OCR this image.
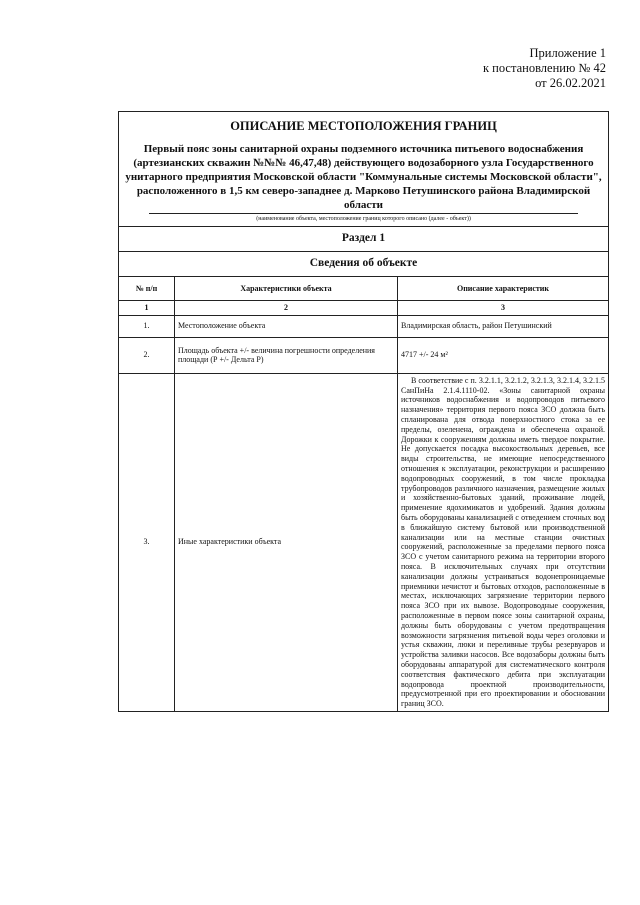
Приложение 1
к постановлению № 42
от 26.02.2021
ОПИСАНИЕ МЕСТОПОЛОЖЕНИЯ ГРАНИЦ
Первый пояс зоны санитарной охраны подземного источника питьевого водоснабжения (артезианских скважин №№№ 46,47,48) действующего водозаборного узла Государственного унитарного предприятия Московской области "Коммунальные системы Московской области", расположенного в 1,5 км северо-западнее д. Марково Петушинского района Владимирской области
(наименование объекта, местоположение границ которого описано (далее - объект))		

Раздел 1		
Сведения об объекте		
№ п/п	Характеристики объекта	Описание характеристик
1	2	3
1.	Местоположение объекта	Владимирская область, район Петушинский
2.	Площадь объекта +/- величина погрешности определения площади (Р +/- Дельта Р)	4717 +/- 24 м²
3.	Иные характеристики объекта	В соответствие с п. 3.2.1.1, 3.2.1.2, 3.2.1.3, 3.2.1.4, 3.2.1.5 СанПиНа 2.1.4.1110-02. «Зоны санитарной охраны источников водоснабжения и водопроводов питьевого назначения» территория первого пояса ЗСО должна быть спланирована для отвода поверхностного стока за ее пределы, озеленена, ограждена и обеспечена охраной. Дорожки к сооружениям должны иметь твердое покрытие. Не допускается посадка высокоствольных деревьев, все виды строительства, не имеющие непосредственного отношения к эксплуатации, реконструкции и расширению водопроводных сооружений, в том числе прокладка трубопроводов различного назначения, размещение жилых и хозяйственно-бытовых зданий, проживание людей, применение ядохимикатов и удобрений. Здания должны быть оборудованы канализацией с отведением сточных вод в ближайшую систему бытовой или производственной канализации или на местные станции очистных сооружений, расположенные за пределами первого пояса ЗСО с учетом санитарного режима на территории второго пояса. В исключительных случаях при отсутствии канализации должны устраиваться водонепроницаемые приемники нечистот и бытовых отходов, расположенные в местах, исключающих загрязнение территории первого пояса ЗСО при их вывозе. Водопроводные сооружения, расположенные в первом поясе зоны санитарной охраны, должны быть оборудованы с учетом предотвращения возможности загрязнения питьевой воды через оголовки и устья скважин, люки и переливные трубы резервуаров и устройства заливки насосов. Все водозаборы должны быть оборудованы аппаратурой для систематического контроля соответствия фактического дебита при эксплуатации водопровода проектной производительности, предусмотренной при его проектировании и обосновании границ ЗСО.
